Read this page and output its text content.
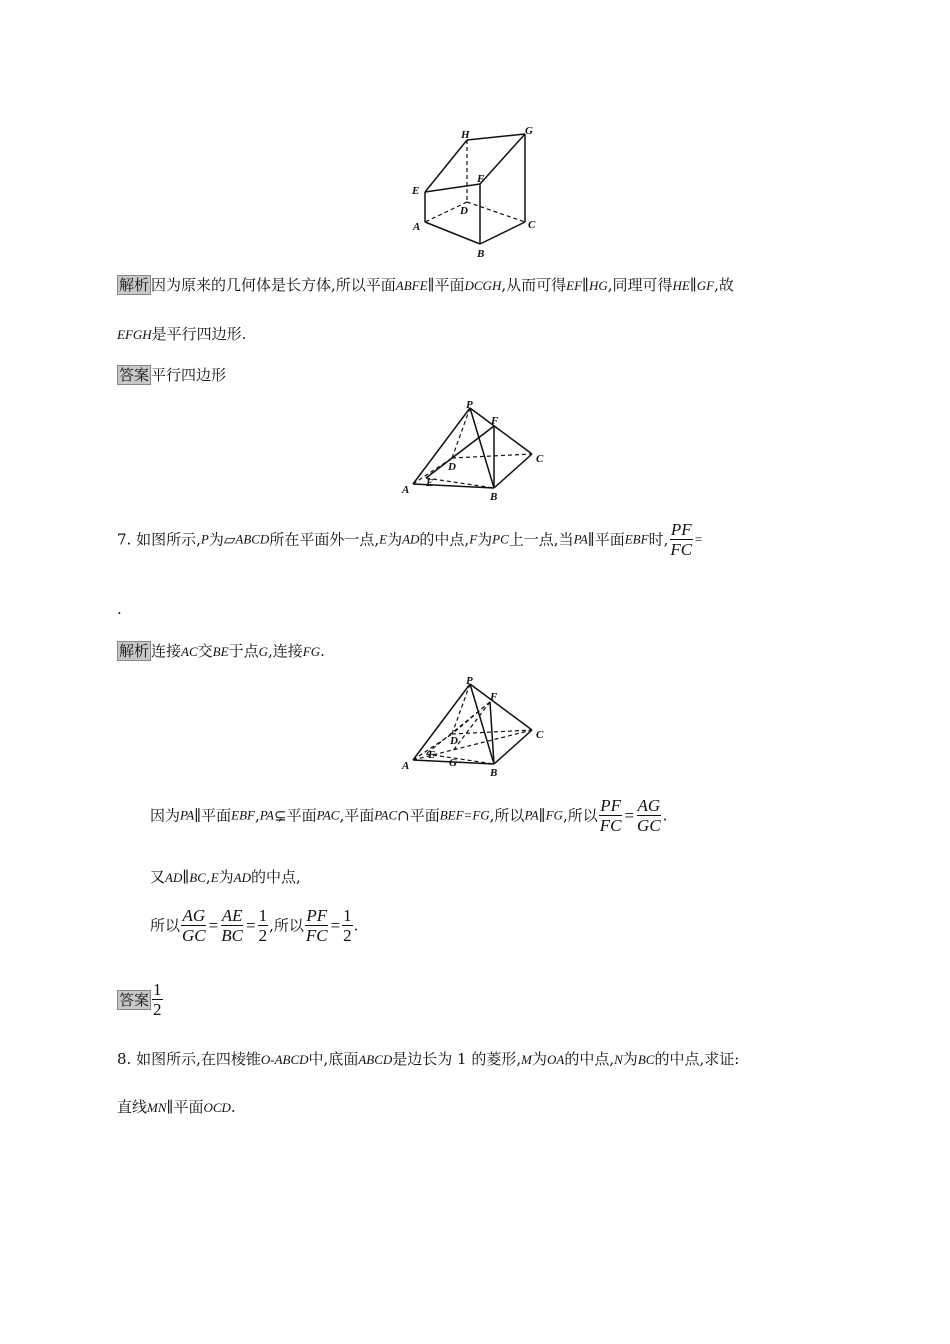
H	G
E
F
D
A	C
B
解析 因为原来的几何体是长方体,所以平面ABFE∥平面DCGH,从而可得EF∥HG,同理可得HE∥GF,故
EFGH是平行四边形.
答案 平行四边形
P
F
D
C
A
E
B
7. 如图所示,P为▱ABCD所在平面外一点,E为AD的中点,F为PC上一点,当PA∥平面EBF时, $\frac{PF}{FC}$ =
.
解析 连接AC交BE于点G,连接FG.
P
F
D	C
A
E
G
B
因为PA∥平面EBF,PA⊊平面PAC,平面PAC∩平面BEF=FG,所以PA∥FG,所以 $\frac{PF}{FC} = \frac{AG}{GC}$ .
又AD∥BC,E为AD的中点,
所以 $\frac{AG}{GC} = \frac{AE}{BC} = \frac{1}{2}$ ,所以 $\frac{PF}{FC} = \frac{1}{2}$ .
答案 $\frac{1}{2}$
8. 如图所示,在四棱锥O-ABCD中,底面ABCD是边长为 1 的菱形,M为OA的中点,N为BC的中点,求证:
直线MN∥平面OCD.
